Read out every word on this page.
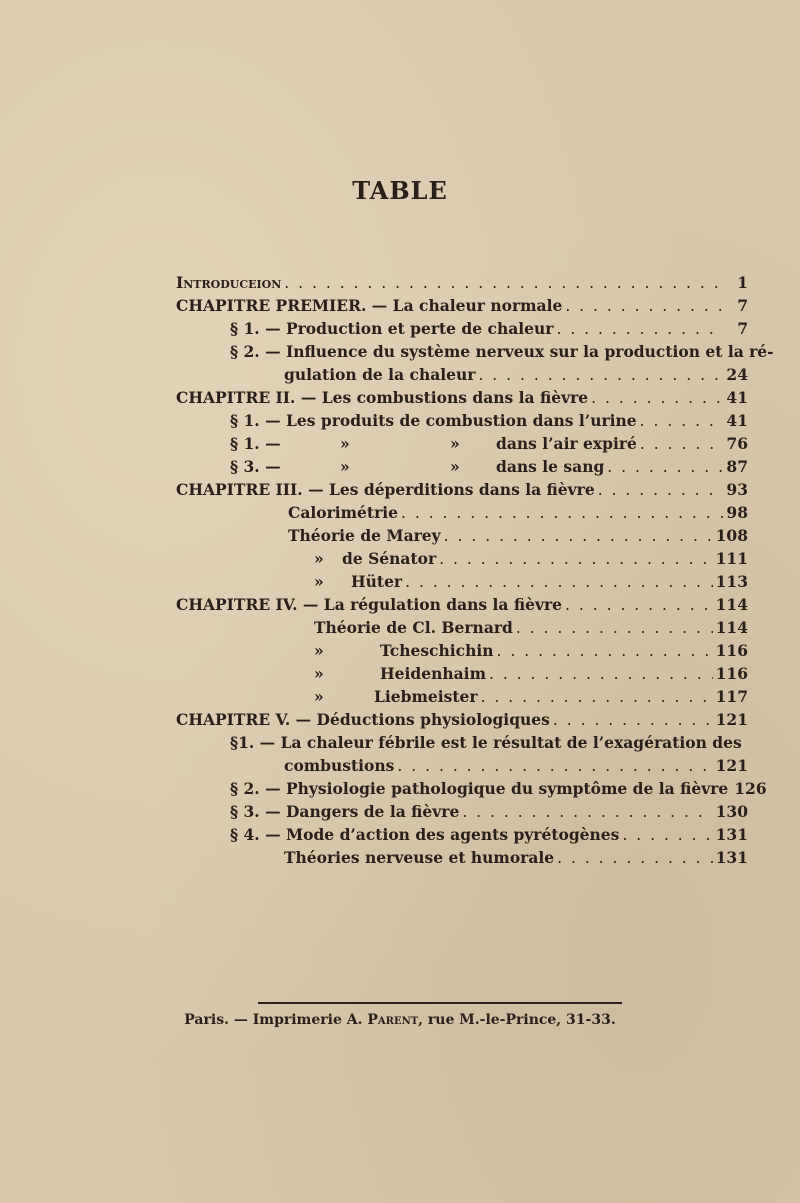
TABLE
Introduceion . . .	1
CHAPITRE PREMIER. — La chaleur normale . . .	7
§ 1. — Production et perte de chaleur . . .	7
§ 2. — Influence du système nerveux sur la production et la ré-
gulation de la chaleur . . .	24
CHAPITRE II. — Les combustions dans la fièvre . . .	41
§ 1. — Les produits de combustion dans l’urine . . .	41
§ 1. —	»	»	dans l’air expiré . . .	76
§ 3. —	»	»	dans le sang . . .	87
CHAPITRE III. — Les déperditions dans la fièvre . . .	93
Calorimétrie . . .	98
Théorie de Marey . . .	108
»	de Sénator . . .	111
»	Hüter . . .	113
CHAPITRE IV. — La régulation dans la fièvre . . .	114
Théorie de Cl. Bernard . . .	114
»	Tcheschichin . . .	116
»	Heidenhaim . . .	116
»	Liebmeister . . .	117
CHAPITRE V. — Déductions physiologiques . . .	121
§1. — La chaleur fébrile est le résultat de l’exagération des
combustions . . .	121
§ 2. — Physiologie pathologique du symptôme de la fièvre 126
§ 3. — Dangers de la fièvre . . .	130
§ 4. — Mode d’action des agents pyrétogènes . . .	131
Théories nerveuse et humorale . . .	131
Paris. — Imprimerie A. Parent, rue M.-le-Prince, 31-33.
